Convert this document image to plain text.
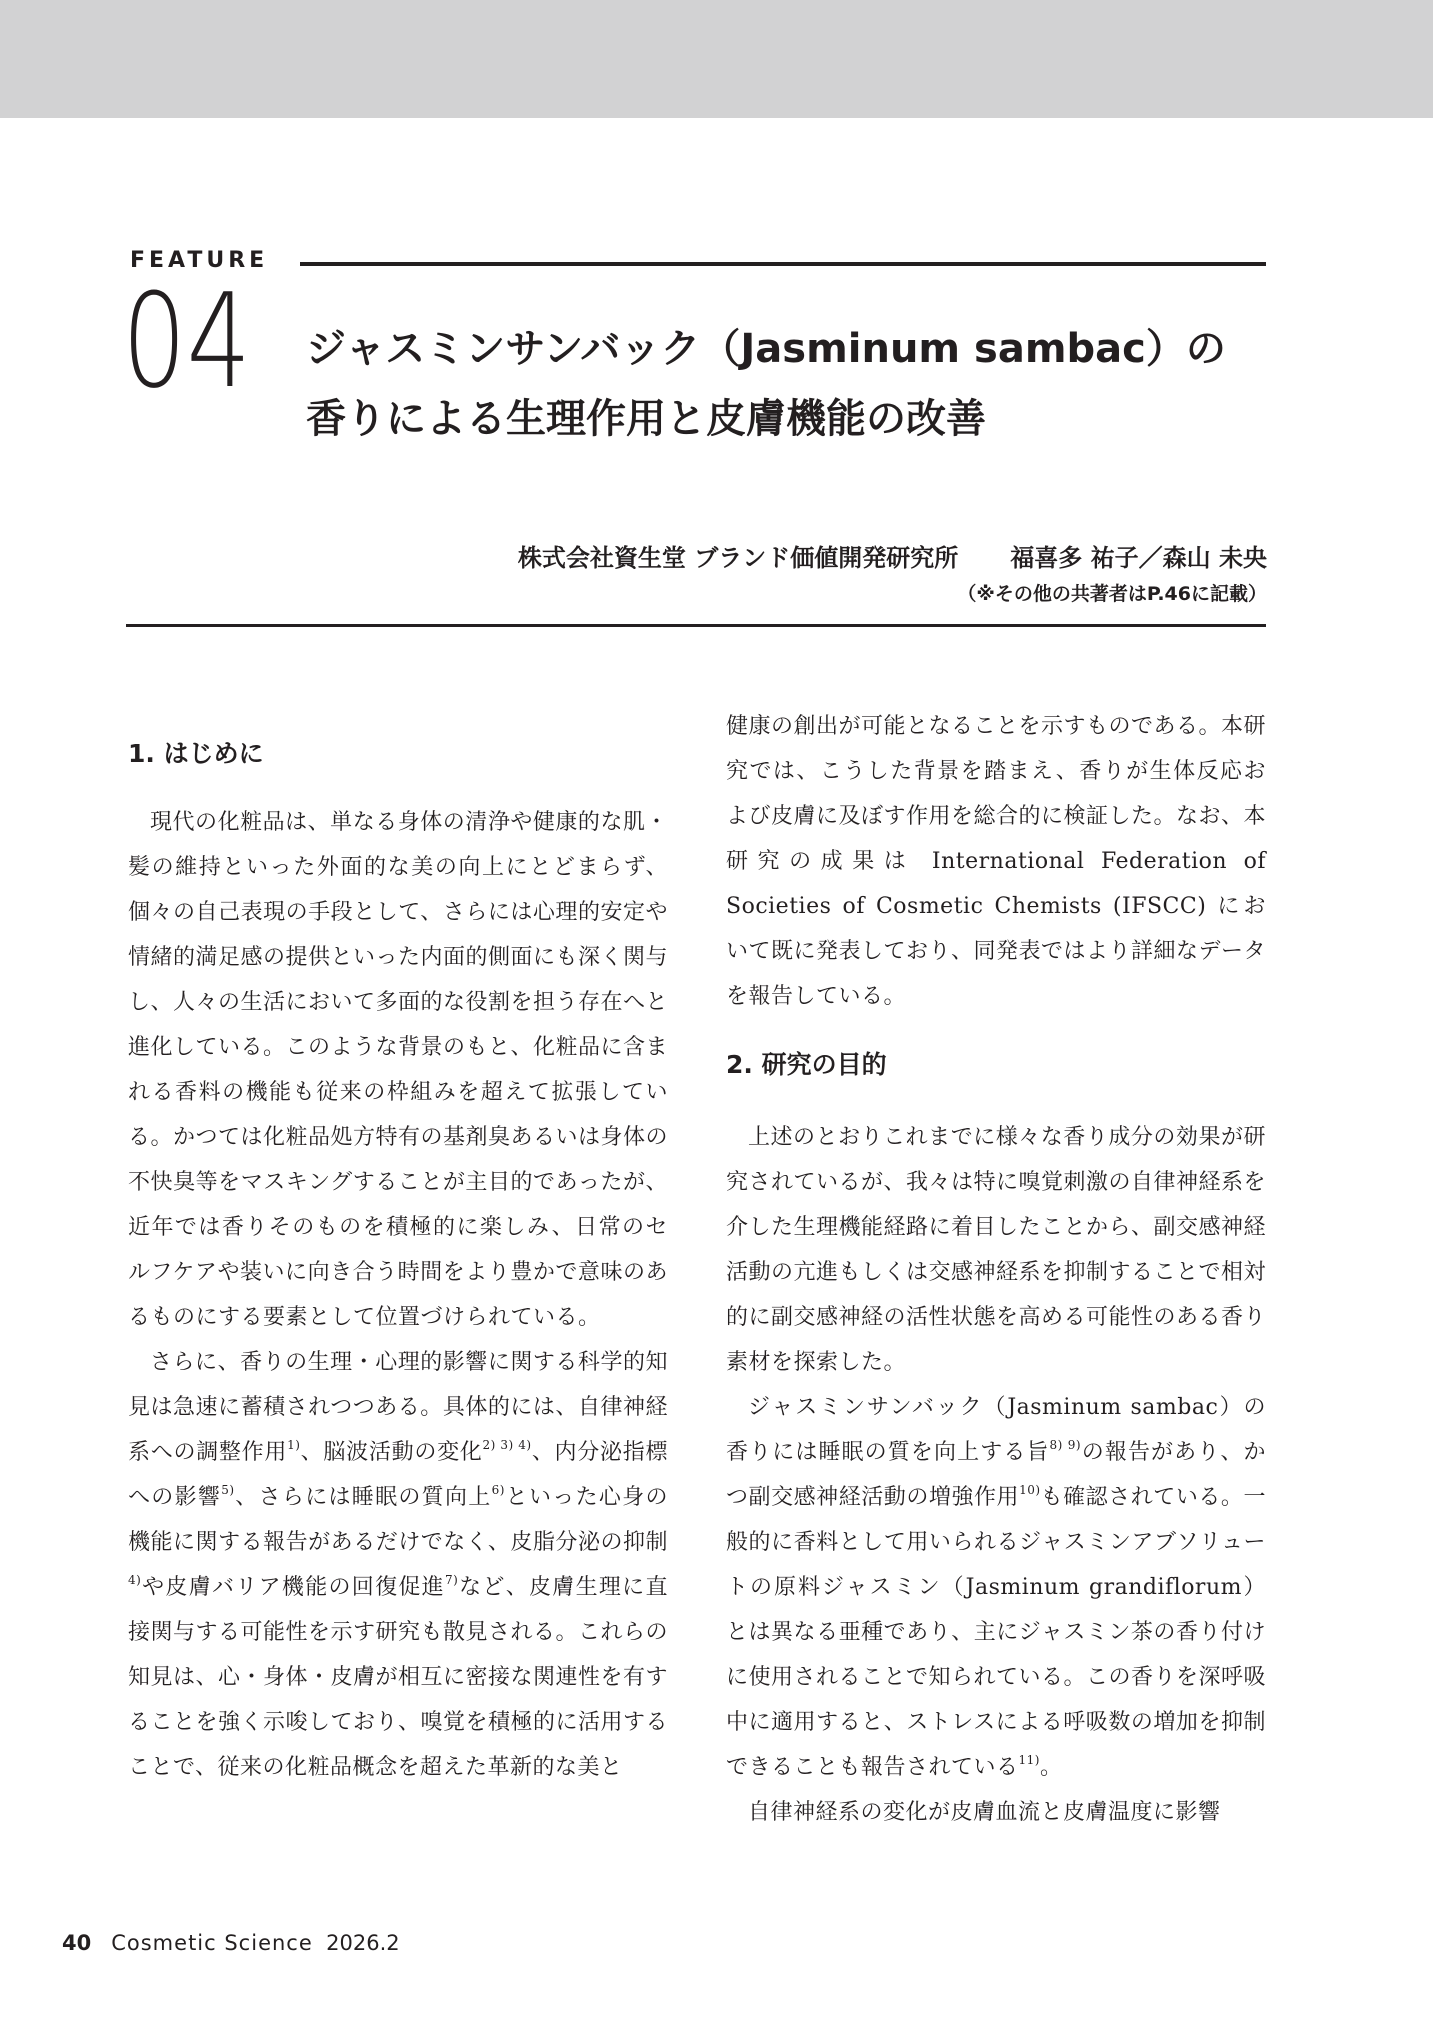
FEATURE
04 ジャスミンサンバック（Jasminum sambac）の
香りによる生理作用と皮膚機能の改善
株式会社資生堂 ブランド価値開発研究所 福喜多 祐子／森山 未央
（※その他の共著者はP.46に記載）
1. はじめに

現代の化粧品は、単なる身体の清浄や健康的な肌・髪の維持といった外面的な美の向上にとどまらず、個々の自己表現の手段として、さらには心理的安定や情緒的満足感の提供といった内面的側面にも深く関与し、人々の生活において多面的な役割を担う存在へと進化している。このような背景のもと、化粧品に含まれる香料の機能も従来の枠組みを超えて拡張している。かつては化粧品処方特有の基剤臭あるいは身体の不快臭等をマスキングすることが主目的であったが、近年では香りそのものを積極的に楽しみ、日常のセルフケアや装いに向き合う時間をより豊かで意味のあるものにする要素として位置づけられている。

さらに、香りの生理・心理的影響に関する科学的知見は急速に蓄積されつつある。具体的には、自律神経系への調整作用$^{1)}$、脳波活動の変化$^{2) 3) 4)}$、内分泌指標への影響$^{5)}$、さらには睡眠の質向上$^{6)}$といった心身の機能に関する報告があるだけでなく、皮脂分泌の抑制$^{4)}$や皮膚バリア機能の回復促進$^{7)}$など、皮膚生理に直接関与する可能性を示す研究も散見される。これらの知見は、心・身体・皮膚が相互に密接な関連性を有することを強く示唆しており、嗅覚を積極的に活用することで、従来の化粧品概念を超えた革新的な美と

健康の創出が可能となることを示すものである。本研究では、こうした背景を踏まえ、香りが生体反応および皮膚に及ぼす作用を総合的に検証した。なお、本研究の成果は International Federation of Societies of Cosmetic Chemists (IFSCC) において既に発表しており、同発表ではより詳細なデータを報告している。

2. 研究の目的

上述のとおりこれまでに様々な香り成分の効果が研究されているが、我々は特に嗅覚刺激の自律神経系を介した生理機能経路に着目したことから、副交感神経活動の亢進もしくは交感神経系を抑制することで相対的に副交感神経の活性状態を高める可能性のある香り素材を探索した。

ジャスミンサンバック（Jasminum sambac）の香りには睡眠の質を向上する旨$^{8) 9)}$の報告があり、かつ副交感神経活動の増強作用$^{10)}$も確認されている。一般的に香料として用いられるジャスミンアブソリュートの原料ジャスミン（Jasminum grandiflorum）とは異なる亜種であり、主にジャスミン茶の香り付けに使用されることで知られている。この香りを深呼吸中に適用すると、ストレスによる呼吸数の増加を抑制できることも報告されている$^{11)}$。

自律神経系の変化が皮膚血流と皮膚温度に影響

40 Cosmetic Science 2026.2
